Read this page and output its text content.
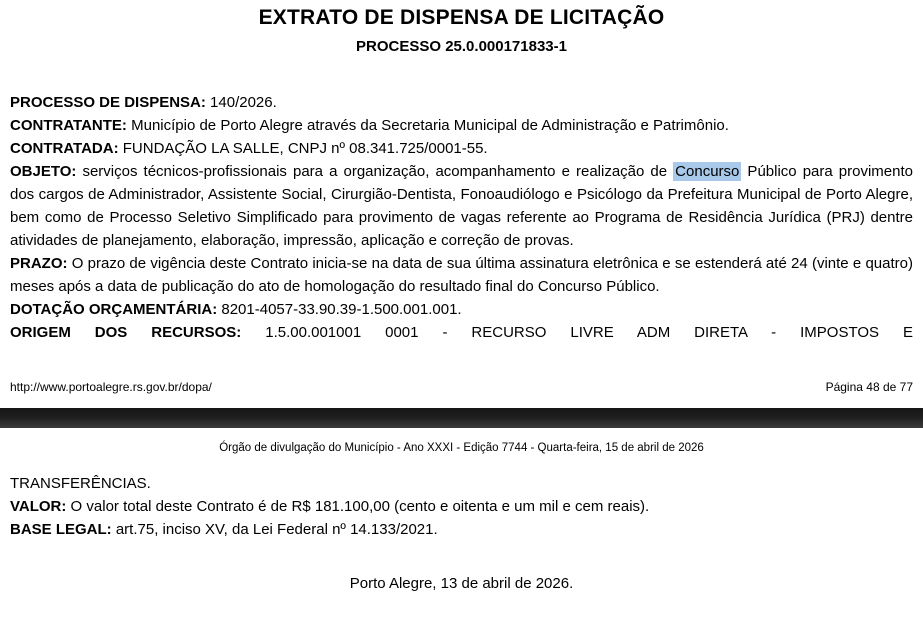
EXTRATO DE DISPENSA DE LICITAÇÃO
PROCESSO 25.0.000171833-1

PROCESSO DE DISPENSA: 140/2026.

CONTRATANTE: Município de Porto Alegre através da Secretaria Municipal de Administração e Patrimônio.

CONTRATADA: FUNDAÇÃO LA SALLE, CNPJ nº 08.341.725/0001-55.

OBJETO: serviços técnicos-profissionais para a organização, acompanhamento e realização de Concurso Público para provimento dos cargos de Administrador, Assistente Social, Cirurgião-Dentista, Fonoaudiólogo e Psicólogo da Prefeitura Municipal de Porto Alegre, bem como de Processo Seletivo Simplificado para provimento de vagas referente ao Programa de Residência Jurídica (PRJ) dentre atividades de planejamento, elaboração, impressão, aplicação e correção de provas.

PRAZO: O prazo de vigência deste Contrato inicia-se na data de sua última assinatura eletrônica e se estenderá até 24 (vinte e quatro) meses após a data de publicação do ato de homologação do resultado final do Concurso Público.

DOTAÇÃO ORÇAMENTÁRIA: 8201-4057-33.90.39-1.500.001.001.

ORIGEM DOS RECURSOS: 1.5.00.001001 0001 - RECURSO LIVRE ADM DIRETA - IMPOSTOS E

http://www.portoalegre.rs.gov.br/dopa/	Página 48 de 77
Órgão de divulgação do Município - Ano XXXI - Edição 7744 - Quarta-feira, 15 de abril de 2026

TRANSFERÊNCIAS.

VALOR: O valor total deste Contrato é de R$ 181.100,00 (cento e oitenta e um mil e cem reais).

BASE LEGAL: art.75, inciso XV, da Lei Federal nº 14.133/2021.

Porto Alegre, 13 de abril de 2026.
